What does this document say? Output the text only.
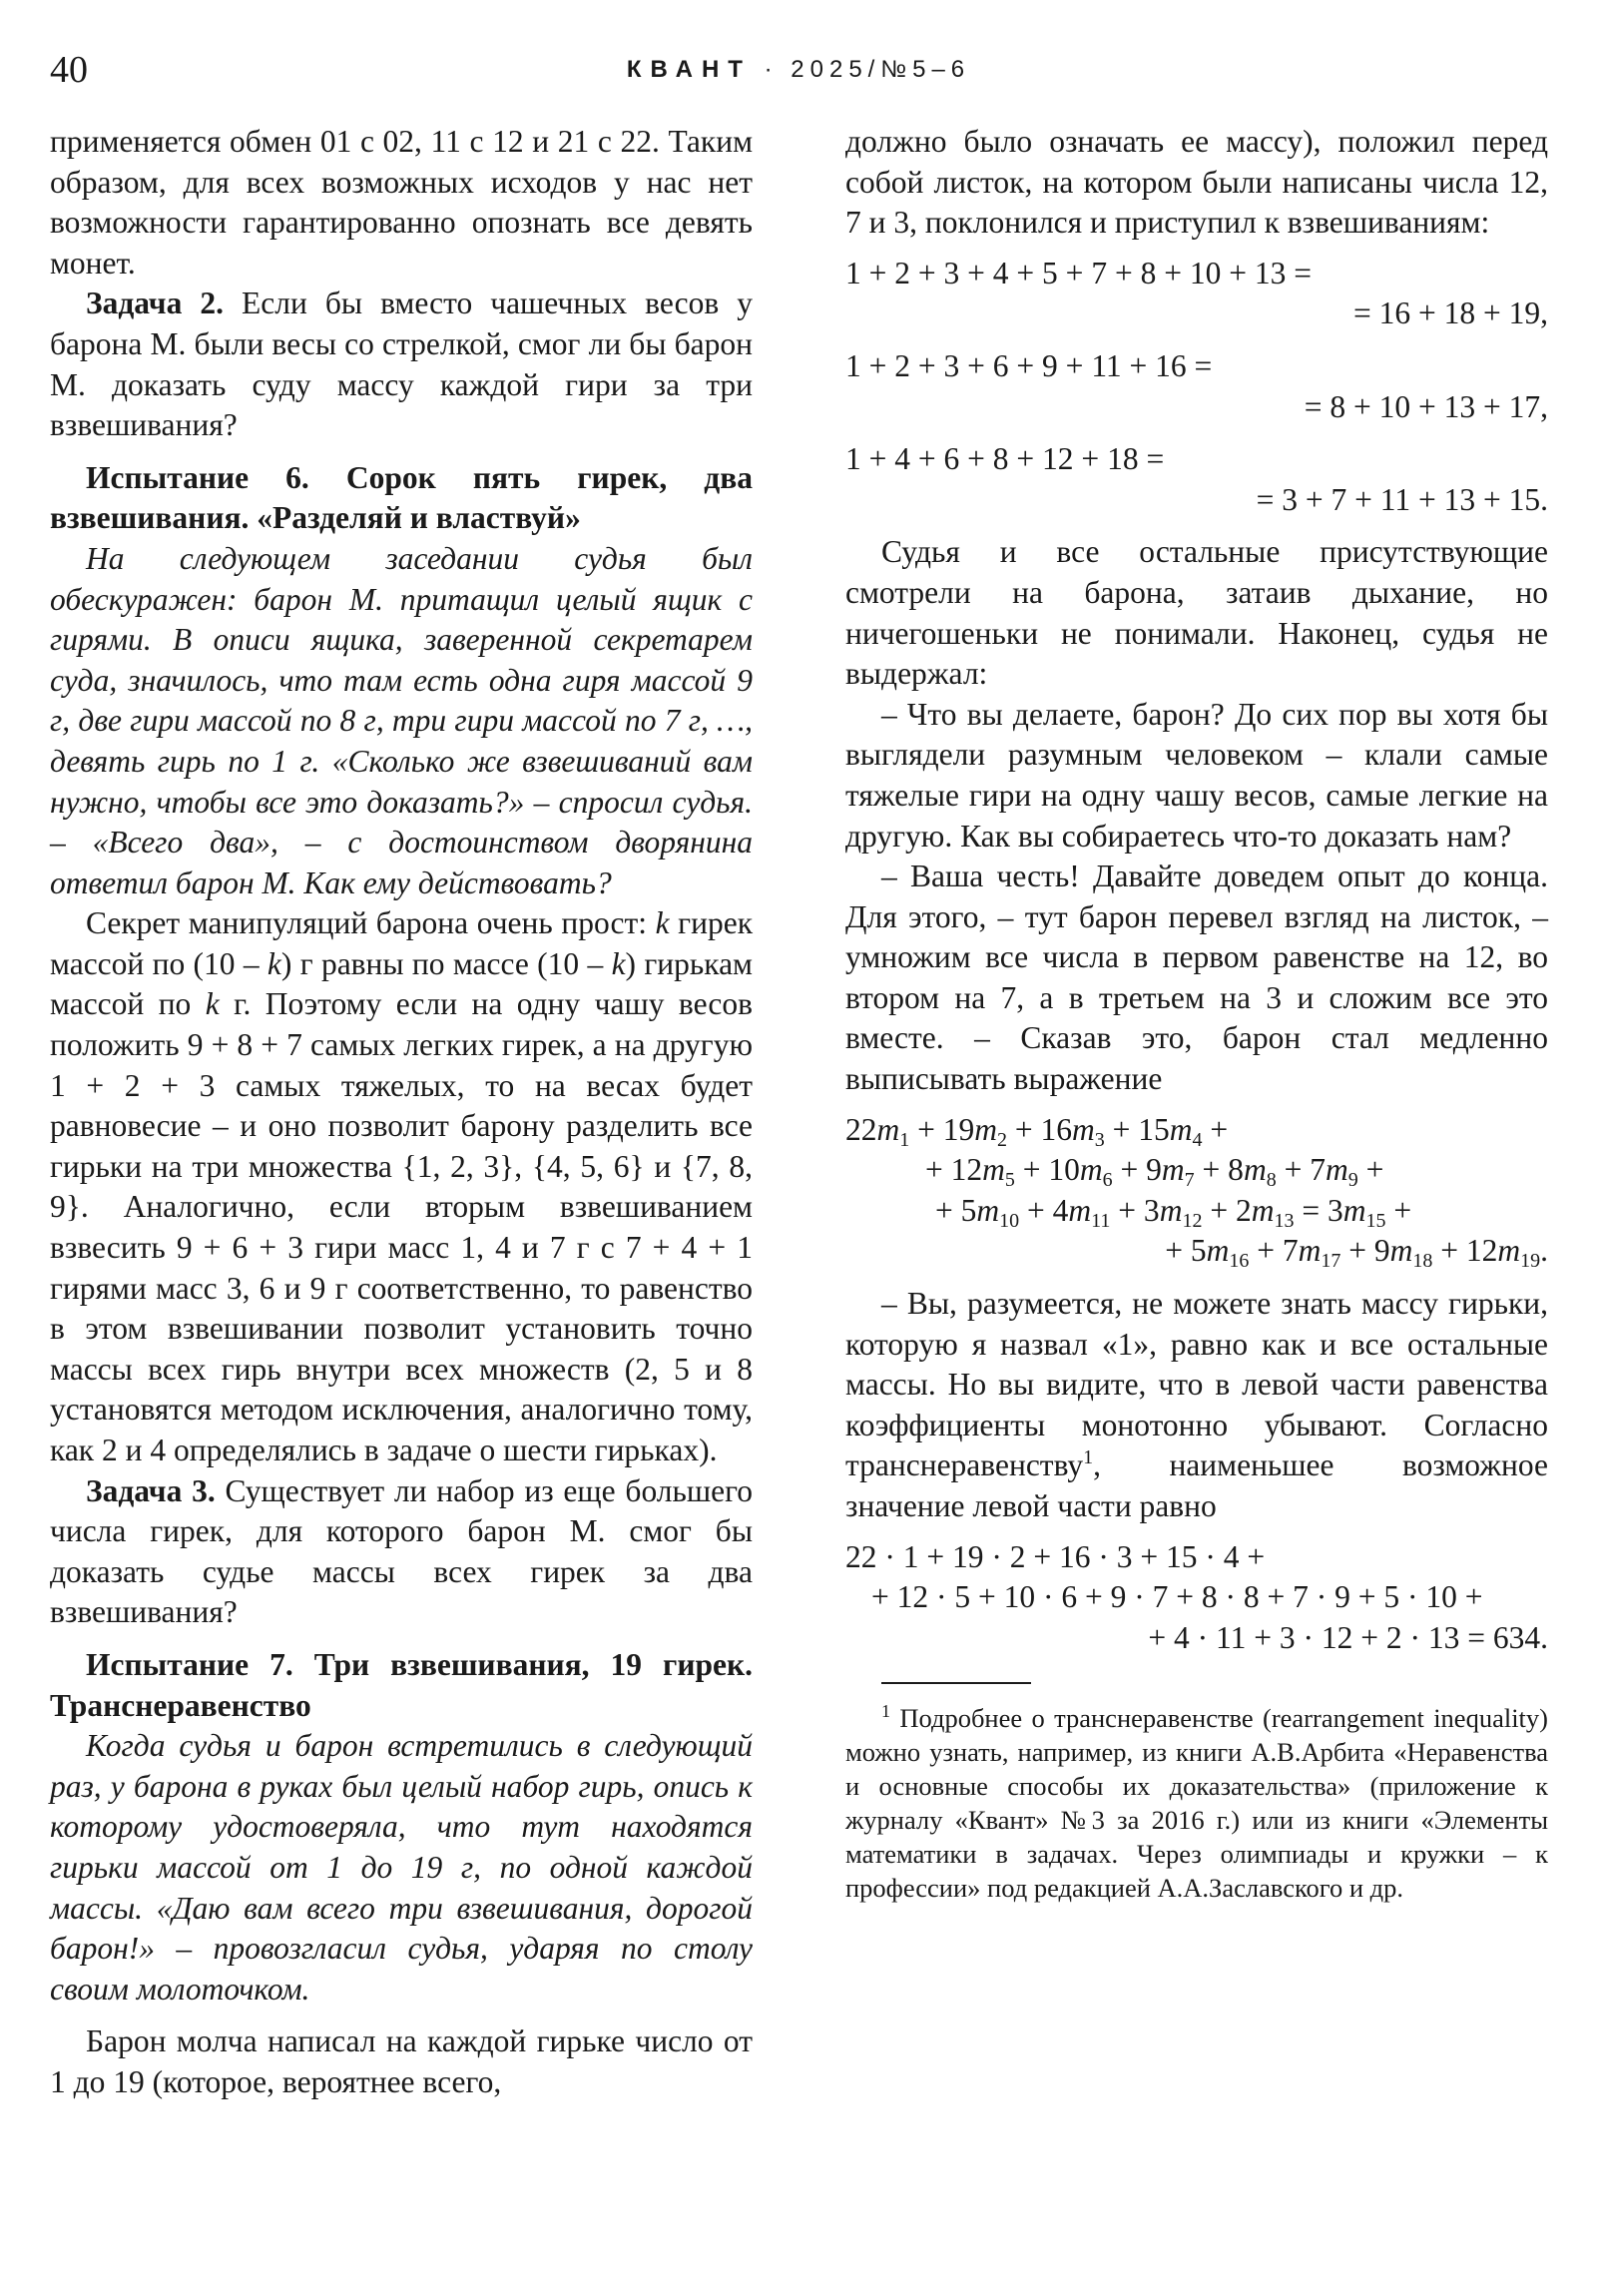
40	КВАНТ · 2025/№5–6

применяется обмен 01 с 02, 11 с 12 и 21 с 22. Таким образом, для всех возможных исходов у нас нет возможности гарантированно опознать все девять монет.

Задача 2. Если бы вместо чашечных весов у барона М. были весы со стрелкой, смог ли бы барон М. доказать суду массу каждой гири за три взвешивания?

Испытание 6. Сорок пять гирек, два взвешивания. «Разделяй и властвуй»

На следующем заседании судья был обескуражен: барон М. притащил целый ящик с гирями. В описи ящика, заверенной секретарем суда, значилось, что там есть одна гиря массой 9 г, две гири массой по 8 г, три гири массой по 7 г, …, девять гирь по 1 г. «Сколько же взвешиваний вам нужно, чтобы все это доказать?» – спросил судья. – «Всего два», – с достоинством дворянина ответил барон М. Как ему действовать?

Секрет манипуляций барона очень прост: k гирек массой по (10 – k) г равны по массе (10 – k) гирькам массой по k г. Поэтому если на одну чашу весов положить 9 + 8 + 7 самых легких гирек, а на другую 1 + 2 + 3 самых тяжелых, то на весах будет равновесие – и оно позволит барону разделить все гирьки на три множества {1, 2, 3}, {4, 5, 6} и {7, 8, 9}. Аналогично, если вторым взвешиванием взвесить 9 + 6 + 3 гири масс 1, 4 и 7 г с 7 + 4 + 1 гирями масс 3, 6 и 9 г соответственно, то равенство в этом взвешивании позволит установить точно массы всех гирь внутри всех множеств (2, 5 и 8 установятся методом исключения, аналогично тому, как 2 и 4 определялись в задаче о шести гирьках).

Задача 3. Существует ли набор из еще большего числа гирек, для которого барон М. смог бы доказать судье массы всех гирек за два взвешивания?

Испытание 7. Три взвешивания, 19 гирек. Транснеравенство

Когда судья и барон встретились в следующий раз, у барона в руках был целый набор гирь, опись к которому удостоверяла, что тут находятся гирьки массой от 1 до 19 г, по одной каждой массы. «Даю вам всего три взвешивания, дорогой барон!» – провозгласил судья, ударяя по столу своим молоточком.

Барон молча написал на каждой гирьке число от 1 до 19 (которое, вероятнее всего,

должно было означать ее массу), положил перед собой листок, на котором были написаны числа 12, 7 и 3, поклонился и приступил к взвешиваниям:

1 + 2 + 3 + 4 + 5 + 7 + 8 + 10 + 13 =
= 16 + 18 + 19,
1 + 2 + 3 + 6 + 9 + 11 + 16 =
= 8 + 10 + 13 + 17,
1 + 4 + 6 + 8 + 12 + 18 =
= 3 + 7 + 11 + 13 + 15.

Судья и все остальные присутствующие смотрели на барона, затаив дыхание, но ничегошеньки не понимали. Наконец, судья не выдержал:

– Что вы делаете, барон? До сих пор вы хотя бы выглядели разумным человеком – клали самые тяжелые гири на одну чашу весов, самые легкие на другую. Как вы собираетесь что-то доказать нам?

– Ваша честь! Давайте доведем опыт до конца. Для этого, – тут барон перевел взгляд на листок, – умножим все числа в первом равенстве на 12, во втором на 7, а в третьем на 3 и сложим все это вместе. – Сказав это, барон стал медленно выписывать выражение

$22m_1 + 19m_2 + 16m_3 + 15m_4$ +
+ $12m_5 + 10m_6 + 9m_7 + 8m_8 + 7m_9$ +
+ $5m_{10} + 4m_{11} + 3m_{12} + 2m_{13} = 3m_{15}$ +
+ $5m_{16} + 7m_{17} + 9m_{18} + 12m_{19}$.

– Вы, разумеется, не можете знать массу гирьки, которую я назвал «1», равно как и все остальные массы. Но вы видите, что в левой части равенства коэффициенты монотонно убывают. Согласно транснеравенству$^1$, наименьшее возможное значение левой части равно

22 · 1 + 19 · 2 + 16 · 3 + 15 · 4 +
+ 12 · 5 + 10 · 6 + 9 · 7 + 8 · 8 + 7 · 9 + 5 · 10 +
+ 4 · 11 + 3 · 12 + 2 · 13 = 634.

$^1$ Подробнее о транснеравенстве (rearrangement inequality) можно узнать, например, из книги А.В.Арбита «Неравенства и основные способы их доказательства» (приложение к журналу «Квант» №3 за 2016 г.) или из книги «Элементы математики в задачах. Через олимпиады и кружки – к профессии» под редакцией А.А.Заславского и др.
